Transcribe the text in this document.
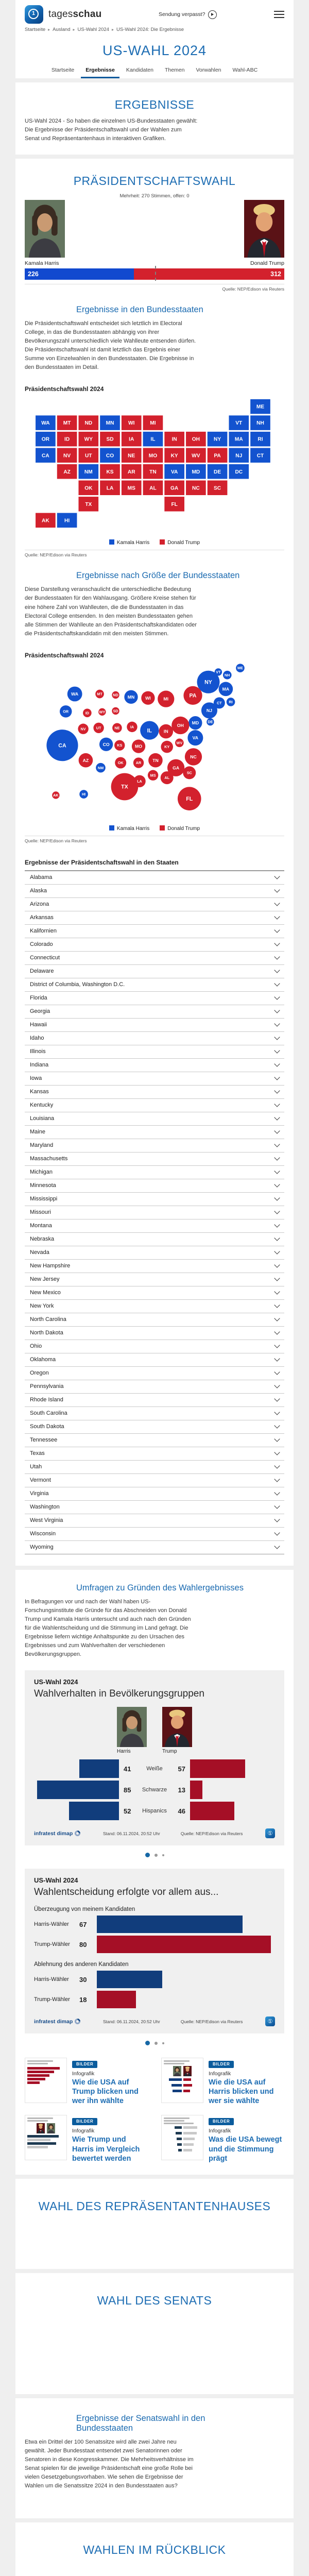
1
tagesschau	Sendung verpasst?
Startseite ▸ Ausland ▸ US-Wahl 2024 ▸ US-Wahl 2024: Die Ergebnisse
US-WAHL 2024
Startseite	Ergebnisse	Kandidaten	Themen	Vorwahlen	Wahl-ABC
ERGEBNISSE

US-Wahl 2024 - So haben die einzelnen US-Bundesstaaten gewählt: Die Ergebnisse der Präsidentschaftswahl und der Wahlen zum Senat und Repräsentantenhaus in interaktiven Grafiken.

PRÄSIDENTSCHAFTSWAHL
Mehrheit: 270 Stimmen, offen: 0
Kamala Harris	Donald Trump
226	312
Quelle: NEP/Edison via Reuters
Ergebnisse in den Bundesstaaten

Die Präsidentschaftswahl entscheidet sich letztlich im Electoral College, in das die Bundesstaaten abhängig von ihrer Bevölkerungszahl unterschiedlich viele Wahlleute entsenden dürfen. Die Präsidentschaftswahl ist damit letztlich das Ergebnis einer Summe von Einzelwahlen in den Bundesstaaten. Die Ergebnisse in den Bundesstaaten im Detail.

Präsidentschaftswahl 2024
AL
AK
AZ	AR
CA	CO	CT
DE	DC
FL
GA
HI
ID	IL	IN
IA
KS
KY
LA
ME
MD
MA
MI
MN
MS
MO
MT
NE
NV
NH
NJ
NM
NY
NC
ND
OH
OK
OR
PA
RI
SC
SD
TN
TX
UT
VT
VA
WA
WV
WI
WY
Kamala Harris	Donald Trump
Quelle: NEP/Edison via Reuters
Ergebnisse nach Größe der Bundesstaaten

Diese Darstellung veranschaulicht die unterschiedliche Bedeutung der Bundesstaaten für den Wahlausgang. Größere Kreise stehen für eine höhere Zahl von Wahlleuten, die die Bundesstaaten in das Electoral College entsenden. In den meisten Bundesstaaten gehen alle Stimmen der Wahlleute an den Präsidentschaftskandidaten oder die Präsidentschaftskandidatin mit den meisten Stimmen.

Präsidentschaftswahl 2024
AL
AK
AZ	AR
CA	CO
CT
DE
FL
GA
HI
ID
IL	IN
IA
KS	KY
LA
ME
MD
MA
MI
MN
MS
MO
MT
NE
NV
NH
NJ
NM
NY
NC
ND
OH
OK
OR
PA
RI
SC
SD
TN
TX
UT
VT
VA
WA
WV
WI
WY
Kamala Harris	Donald Trump
Quelle: NEP/Edison via Reuters
Ergebnisse der Präsidentschaftswahl in den Staaten
Alabama
Alaska
Arizona
Arkansas
Kalifornien
Colorado
Connecticut
Delaware
District of Columbia, Washington D.C.
Florida
Georgia
Hawaii
Idaho
Illinois
Indiana
Iowa
Kansas
Kentucky
Louisiana
Maine
Maryland
Massachusetts
Michigan
Minnesota
Mississippi
Missouri
Montana
Nebraska
Nevada
New Hampshire
New Jersey
New Mexico
New York
North Carolina
North Dakota
Ohio
Oklahoma
Oregon
Pennsylvania
Rhode Island
South Carolina
South Dakota
Tennessee
Texas
Utah
Vermont
Virginia
Washington
West Virginia
Wisconsin
Wyoming
Umfragen zu Gründen des Wahlergebnisses

In Befragungen vor und nach der Wahl haben US-Forschungsinstitute die Gründe für das Abschneiden von Donald Trump und Kamala Harris untersucht und auch nach den Gründen für die Wahlentscheidung und die Stimmung im Land gefragt. Die Ergebnisse liefern wichtige Anhaltspunkte zu den Ursachen des Ergebnisses und zum Wahlverhalten der verschiedenen Bevölkerungsgruppen.

US-Wahl 2024
Wahlverhalten in Bevölkerungsgruppen
Harris	Trump
41	Weiße	57
85	Schwarze	13
52	Hispanics	46
infratest dimap	Stand: 06.11.2024, 20:52 Uhr	Quelle: NEP/Edison via Reuters	①
US-Wahl 2024
Wahlentscheidung erfolgte vor allem aus...
Überzeugung von meinem Kandidaten
Harris-Wähler	67
Trump-Wähler	80
Ablehnung des anderen Kandidaten
Harris-Wähler	30
Trump-Wähler	18
infratest dimap	Stand: 06.11.2024, 20:52 Uhr	Quelle: NEP/Edison via Reuters	①
BILDER
Infografik
Wie die USA auf Trump blicken und wer ihn wählte
BILDER
Infografik
Wie die USA auf Harris blicken und wer sie wählte
BILDER
Infografik
Wie Trump und Harris im Vergleich bewertet werden
BILDER
Infografik
Was die USA bewegt und die Stimmung prägt
WAHL DES REPRÄSENTANTENHAUSES
WAHL DES SENATS
Ergebnisse der Senatswahl in den Bundesstaaten

Etwa ein Drittel der 100 Senatssitze wird alle zwei Jahre neu gewählt. Jeder Bundesstaat entsendet zwei Senatorinnen oder Senatoren in diese Kongresskammer. Die Mehrheitsverhältnisse im Senat spielen für die jeweilige Präsidentschaft eine große Rolle bei vielen Gesetzgebungsvorhaben. Wie sehen die Ergebnisse der Wahlen um die Senatssitze 2024 in den Bundesstaaten aus?

WAHLEN IM RÜCKBLICK
